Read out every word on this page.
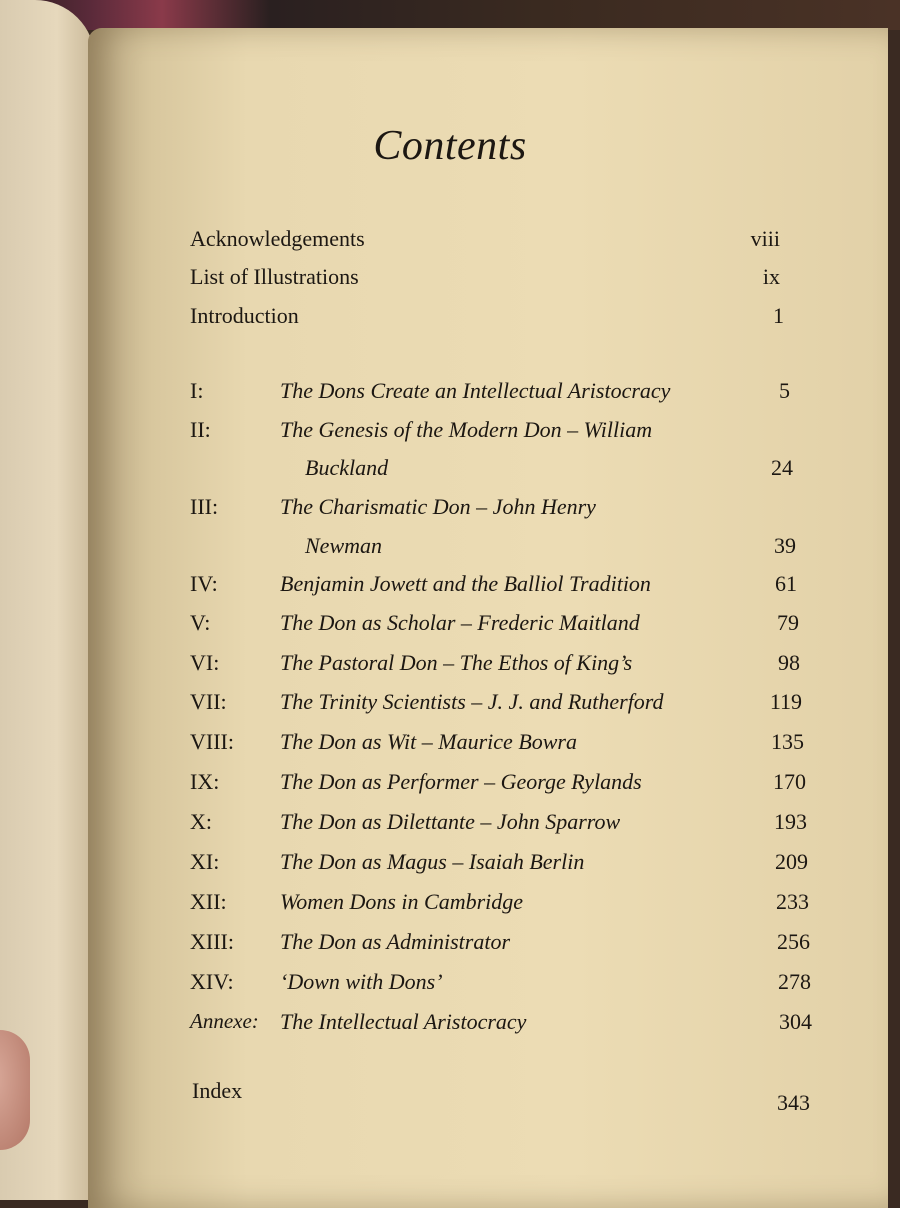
Contents
Acknowledgements	viii
List of Illustrations	ix
Introduction	1
I:	The Dons Create an Intellectual Aristocracy	5
II:	The Genesis of the Modern Don – William
Buckland	24
III:	The Charismatic Don – John Henry
Newman	39
IV:	Benjamin Jowett and the Balliol Tradition	61
V:	The Don as Scholar – Frederic Maitland	79
VI:	The Pastoral Don – The Ethos of King’s	98
VII: The Trinity Scientists – J. J. and Rutherford	119
VIII: The Don as Wit – Maurice Bowra	135
IX:	The Don as Performer – George Rylands	170
X:	The Don as Dilettante – John Sparrow	193
XI:	The Don as Magus – Isaiah Berlin	209
XII: Women Dons in Cambridge	233
XIII: The Don as Administrator	256
XIV: ‘Down with Dons’	278
Annexe: The Intellectual Aristocracy	304
Index	343
